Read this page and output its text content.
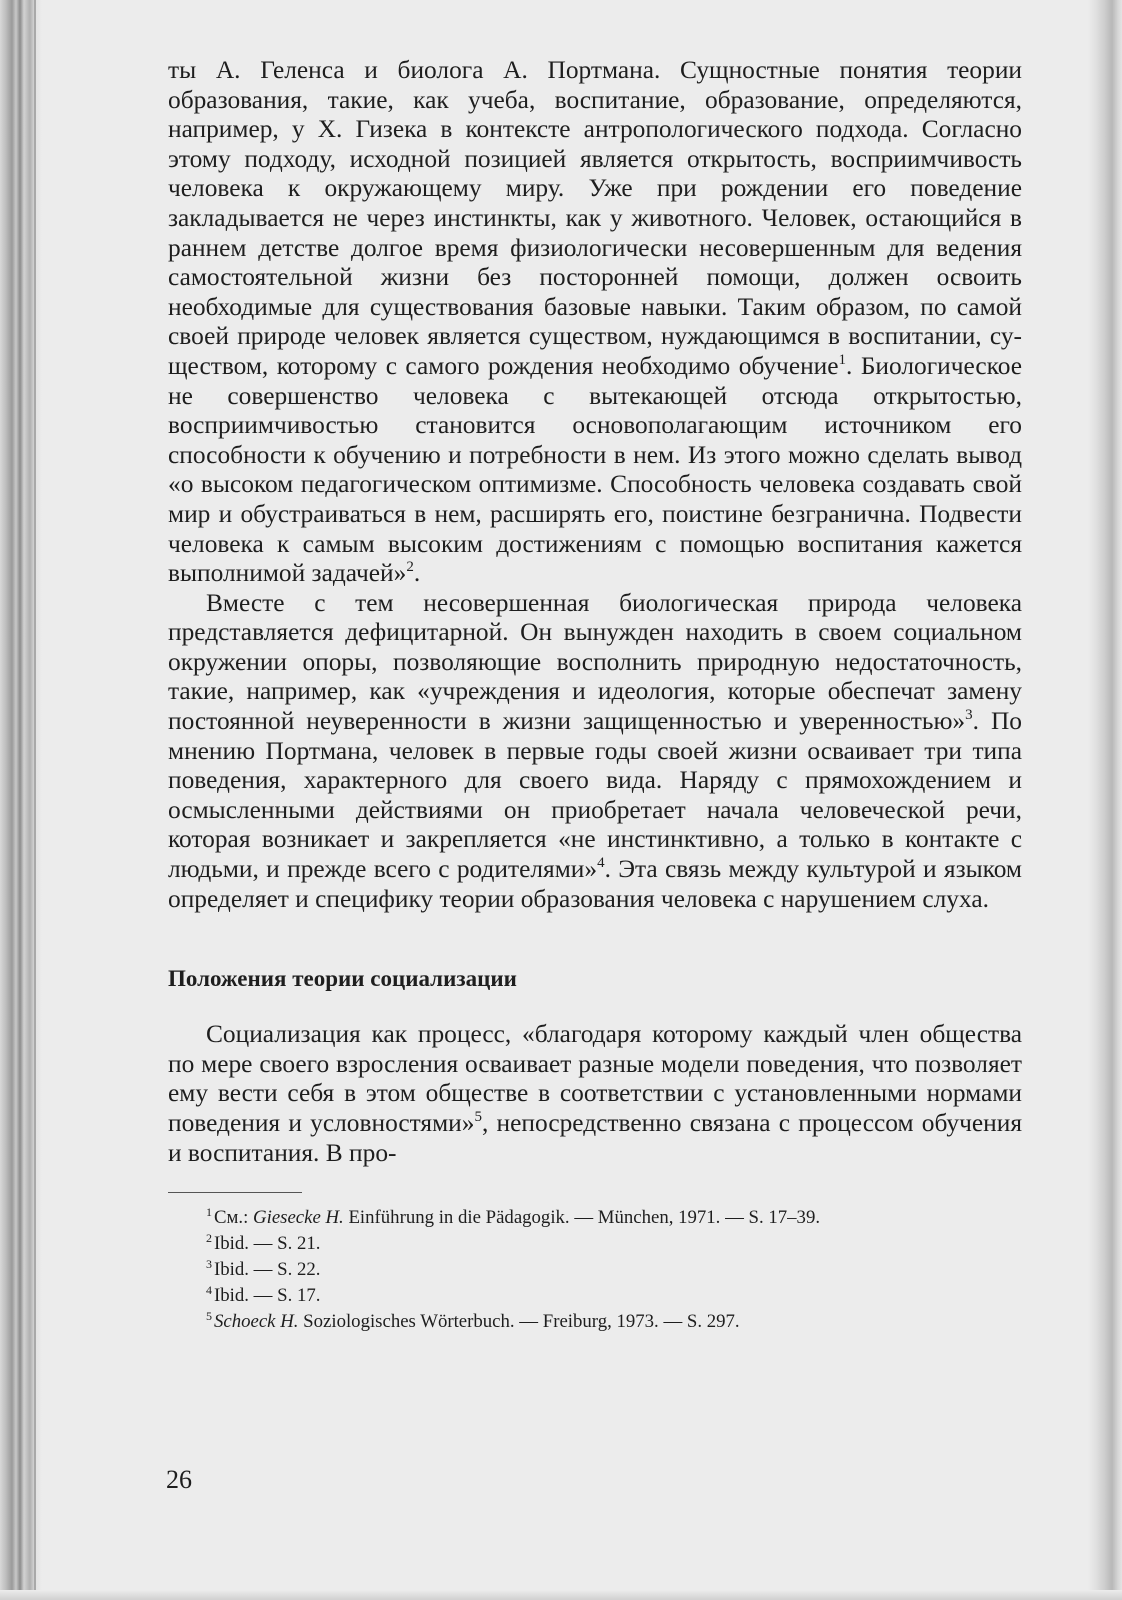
ты А. Геленса и биолога А. Портмана. Сущностные понятия теории образования, такие, как учеба, воспитание, образование, определяются, например, у X. Гизека в контексте антропологического подхода. Согласно этому подходу, исходной позицией является открытость, восприимчивость человека к окружающему миру. Уже при рождении его поведение закладывается не через инстинкты, как у животного. Человек, остающийся в раннем детстве долгое время физиологически несовершенным для ведения самостоятельной жизни без посторонней помощи, должен освоить необходимые для существования базовые навыки. Таким образом, по самой своей природе человек является существом, нуждающимся в воспитании, существом, которому с самого рождения необходимо обучение$^1$. Биологическое не совершенство человека с вытекающей отсюда открытостью, восприимчивостью становится основополагающим источником его способности к обучению и потребности в нем. Из этого можно сделать вывод «о высоком педагогическом оптимизме. Способность человека создавать свой мир и обустраиваться в нем, расширять его, поистине безгранична. Подвести человека к самым высоким достижениям с помощью воспитания кажется выполнимой задачей»$^2$.

Вместе с тем несовершенная биологическая природа человека представляется дефицитарной. Он вынужден находить в своем социальном окружении опоры, позволяющие восполнить природную недостаточность, такие, например, как «учреждения и идеология, которые обеспечат замену постоянной неуверенности в жизни защищенностью и уверенностью»$^3$. По мнению Портмана, человек в первые годы своей жизни осваивает три типа поведения, характерного для своего вида. Наряду с прямохождением и осмысленными действиями он приобретает начала человеческой речи, которая возникает и закрепляется «не инстинктивно, а только в контакте с людьми, и прежде всего с родителями»$^4$. Эта связь между культурой и языком определяет и специфику теории образования человека с нарушением слуха.

Положения теории социализации

Социализация как процесс, «благодаря которому каждый член общества по мере своего взросления осваивает разные модели поведения, что позволяет ему вести себя в этом обществе в соответствии с установленными нормами поведения и условностями»$^5$, непосредственно связана с процессом обучения и воспитания. В про-

$^1$ См.: Giesecke H. Einführung in die Pädagogik. — München, 1971. — S. 17–39.
$^2$ Ibid. — S. 21.
$^3$ Ibid. — S. 22.
$^4$ Ibid. — S. 17.
$^5$ Schoeck H. Soziologisches Wörterbuch. — Freiburg, 1973. — S. 297.
26
